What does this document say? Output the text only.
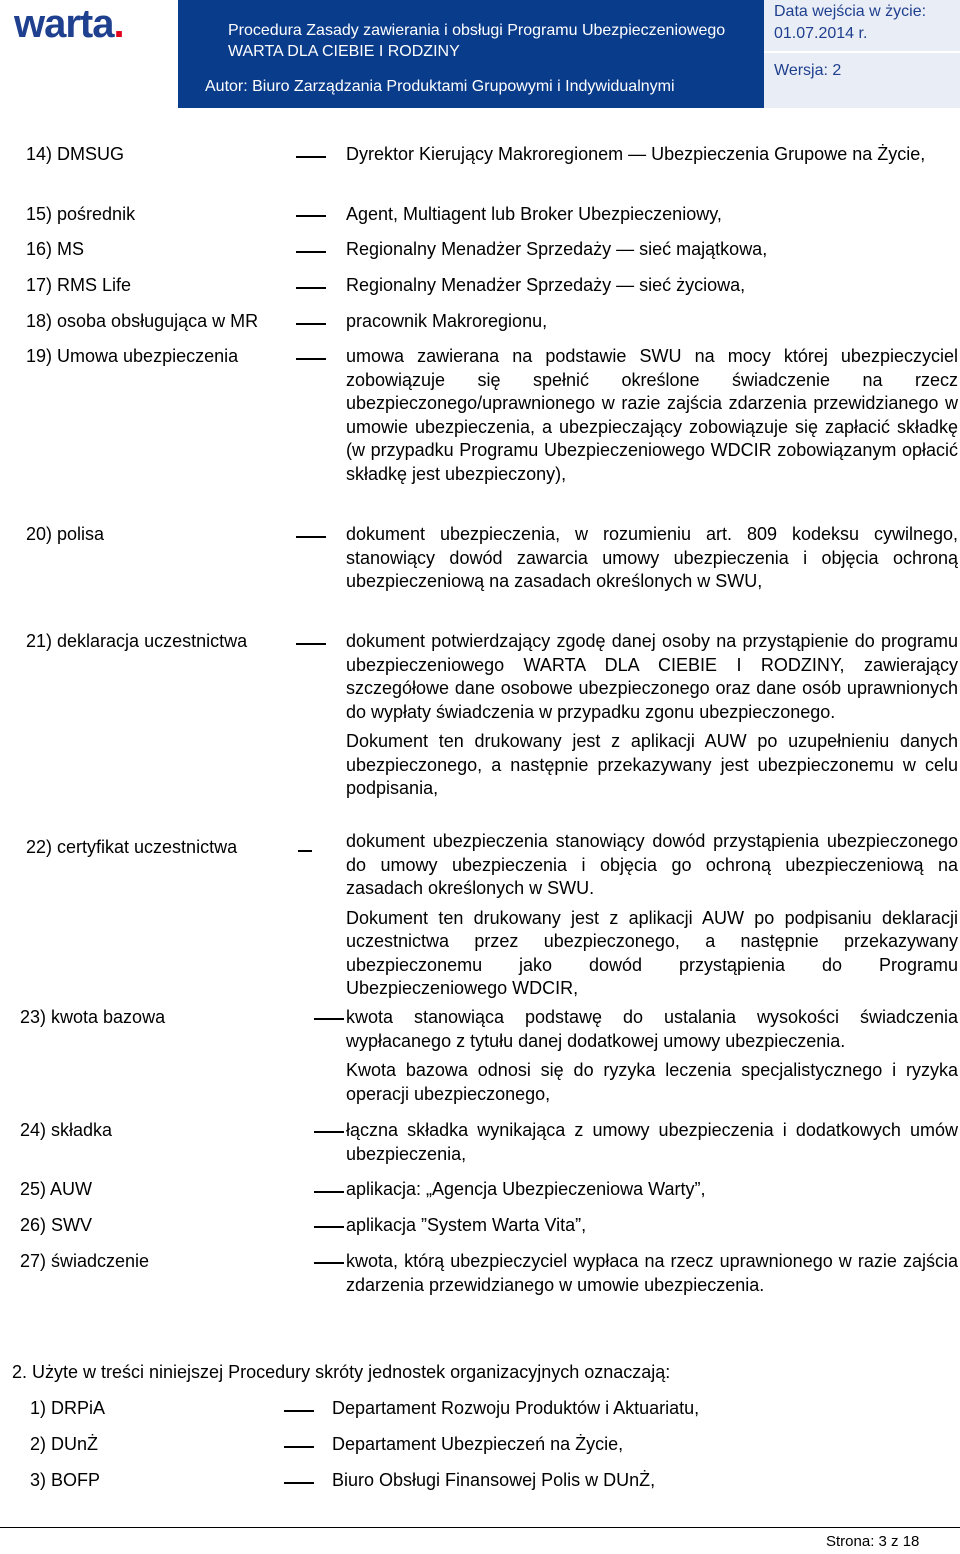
warta.	Procedura Zasady zawierania i obsługi Programu Ubezpieczeniowego
WARTA DLA CIEBIE I RODZINY
Autor: Biuro Zarządzania Produktami Grupowymi i Indywidualnymi
Data wejścia w życie:
01.07.2014 r.
Wersja: 2
14) DMSUG	Dyrektor Kierujący Makroregionem — Ubezpieczenia Grupowe na Życie,

15) pośrednik	Agent, Multiagent lub Broker Ubezpieczeniowy,

16) MS	Regionalny Menadżer Sprzedaży — sieć majątkowa,

17) RMS Life	Regionalny Menadżer Sprzedaży — sieć życiowa,

18) osoba obsługująca w MR	pracownik Makroregionu,

19) Umowa ubezpieczenia	umowa zawierana na podstawie SWU na mocy której ubezpieczyciel zobowiązuje się spełnić określone świadczenie na rzecz ubezpieczonego/uprawnionego w razie zajścia zdarzenia przewidzianego w umowie ubezpieczenia, a ubezpieczający zobowiązuje się zapłacić składkę (w przypadku Programu Ubezpieczeniowego WDCIR zobowiązanym opłacić składkę jest ubezpieczony),

20) polisa	dokument ubezpieczenia, w rozumieniu art. 809 kodeksu cywilnego, stanowiący dowód zawarcia umowy ubezpieczenia i objęcia ochroną ubezpieczeniową na zasadach określonych w SWU,

21) deklaracja uczestnictwa	dokument potwierdzający zgodę danej osoby na przystąpienie do programu ubezpieczeniowego WARTA DLA CIEBIE I RODZINY, zawierający szczegółowe dane osobowe ubezpieczonego oraz dane osób uprawnionych do wypłaty świadczenia w przypadku zgonu ubezpieczonego.

Dokument ten drukowany jest z aplikacji AUW po uzupełnieniu danych ubezpieczonego, a następnie przekazywany jest ubezpieczonemu w celu podpisania,

22) certyfikat uczestnictwa	dokument ubezpieczenia stanowiący dowód przystąpienia ubezpieczonego do umowy ubezpieczenia i objęcia go ochroną ubezpieczeniową na zasadach określonych w SWU.

Dokument ten drukowany jest z aplikacji AUW po podpisaniu deklaracji uczestnictwa przez ubezpieczonego, a następnie przekazywany ubezpieczonemu jako dowód przystąpienia do Programu Ubezpieczeniowego WDCIR,

23) kwota bazowa	kwota stanowiąca podstawę do ustalania wysokości świadczenia wypłacanego z tytułu danej dodatkowej umowy ubezpieczenia.

Kwota bazowa odnosi się do ryzyka leczenia specjalistycznego i ryzyka operacji ubezpieczonego,

24) składka	łączna składka wynikająca z umowy ubezpieczenia i dodatkowych umów ubezpieczenia,

25) AUW	aplikacja: „Agencja Ubezpieczeniowa Warty”,

26) SWV	aplikacja ”System Warta Vita”,

27) świadczenie	kwota, którą ubezpieczyciel wypłaca na rzecz uprawnionego w razie zajścia zdarzenia przewidzianego w umowie ubezpieczenia.

2. Użyte w treści niniejszej Procedury skróty jednostek organizacyjnych oznaczają:
1) DRPiA	Departament Rozwoju Produktów i Aktuariatu,
2) DUnŻ	Departament Ubezpieczeń na Życie,
3) BOFP	Biuro Obsługi Finansowej Polis w DUnŻ,
Strona: 3 z 18
